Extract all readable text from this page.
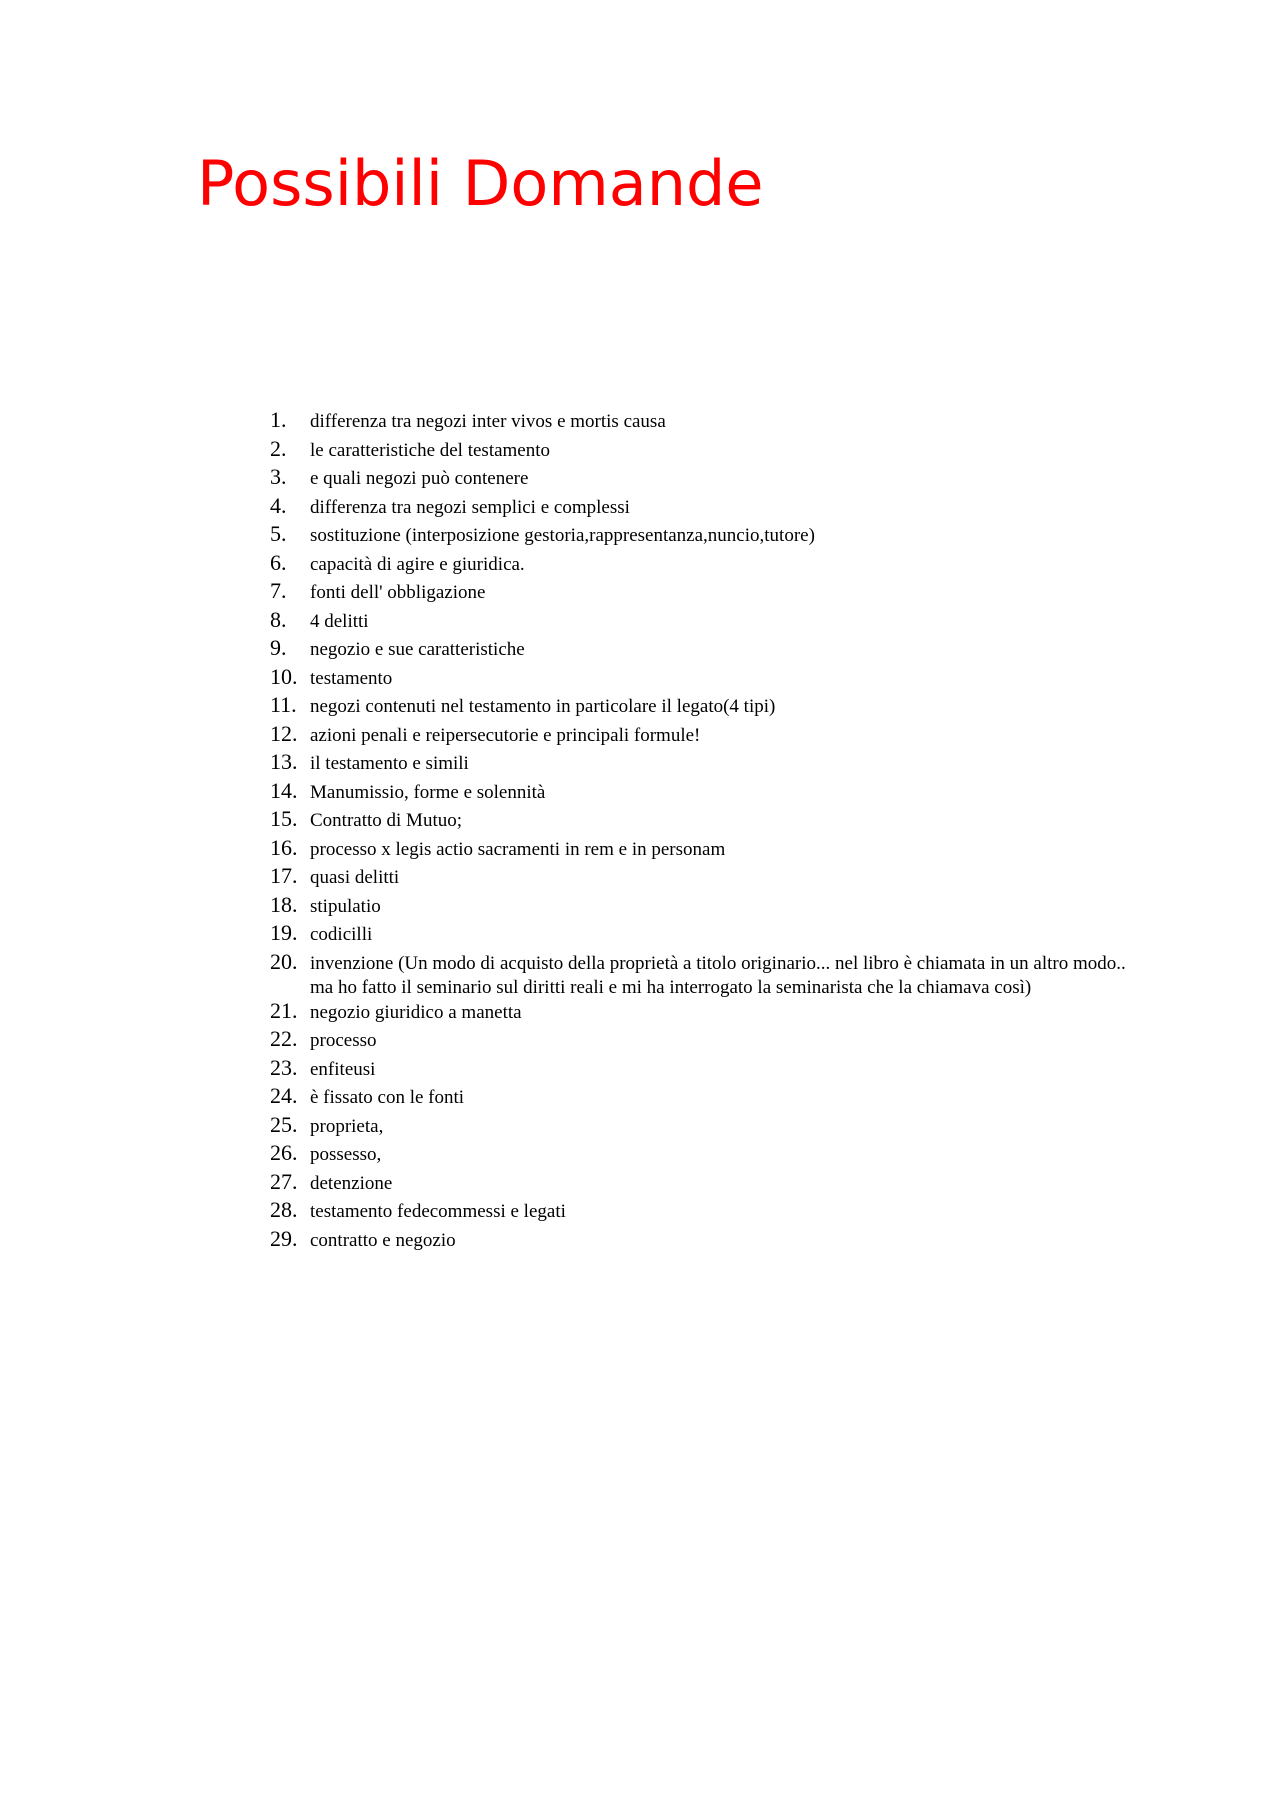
Possibili Domande
1.	differenza tra negozi inter vivos e mortis causa
2.	le caratteristiche del testamento
3.	e quali negozi può contenere
4.	differenza tra negozi semplici e complessi
5.	sostituzione (interposizione gestoria,rappresentanza,nuncio,tutore)
6.	capacità di agire e giuridica.
7.	fonti dell' obbligazione
8.	4 delitti
9.	negozio e sue caratteristiche
10. testamento
11. negozi contenuti nel testamento in particolare il legato(4 tipi)
12. azioni penali e reipersecutorie e principali formule!
13. il testamento e simili
14. Manumissio, forme e solennità
15. Contratto di Mutuo;
16. processo x legis actio sacramenti in rem e in personam
17. quasi delitti
18. stipulatio
19. codicilli
20. invenzione (Un modo di acquisto della proprietà a titolo originario... nel libro è chiamata in un altro modo.. ma ho fatto il seminario sul diritti reali e mi ha interrogato la seminarista che la chiamava così)
21. negozio giuridico a manetta
22. processo
23. enfiteusi
24. è fissato con le fonti
25. proprieta,
26. possesso,
27. detenzione
28. testamento fedecommessi e legati
29. contratto e negozio
